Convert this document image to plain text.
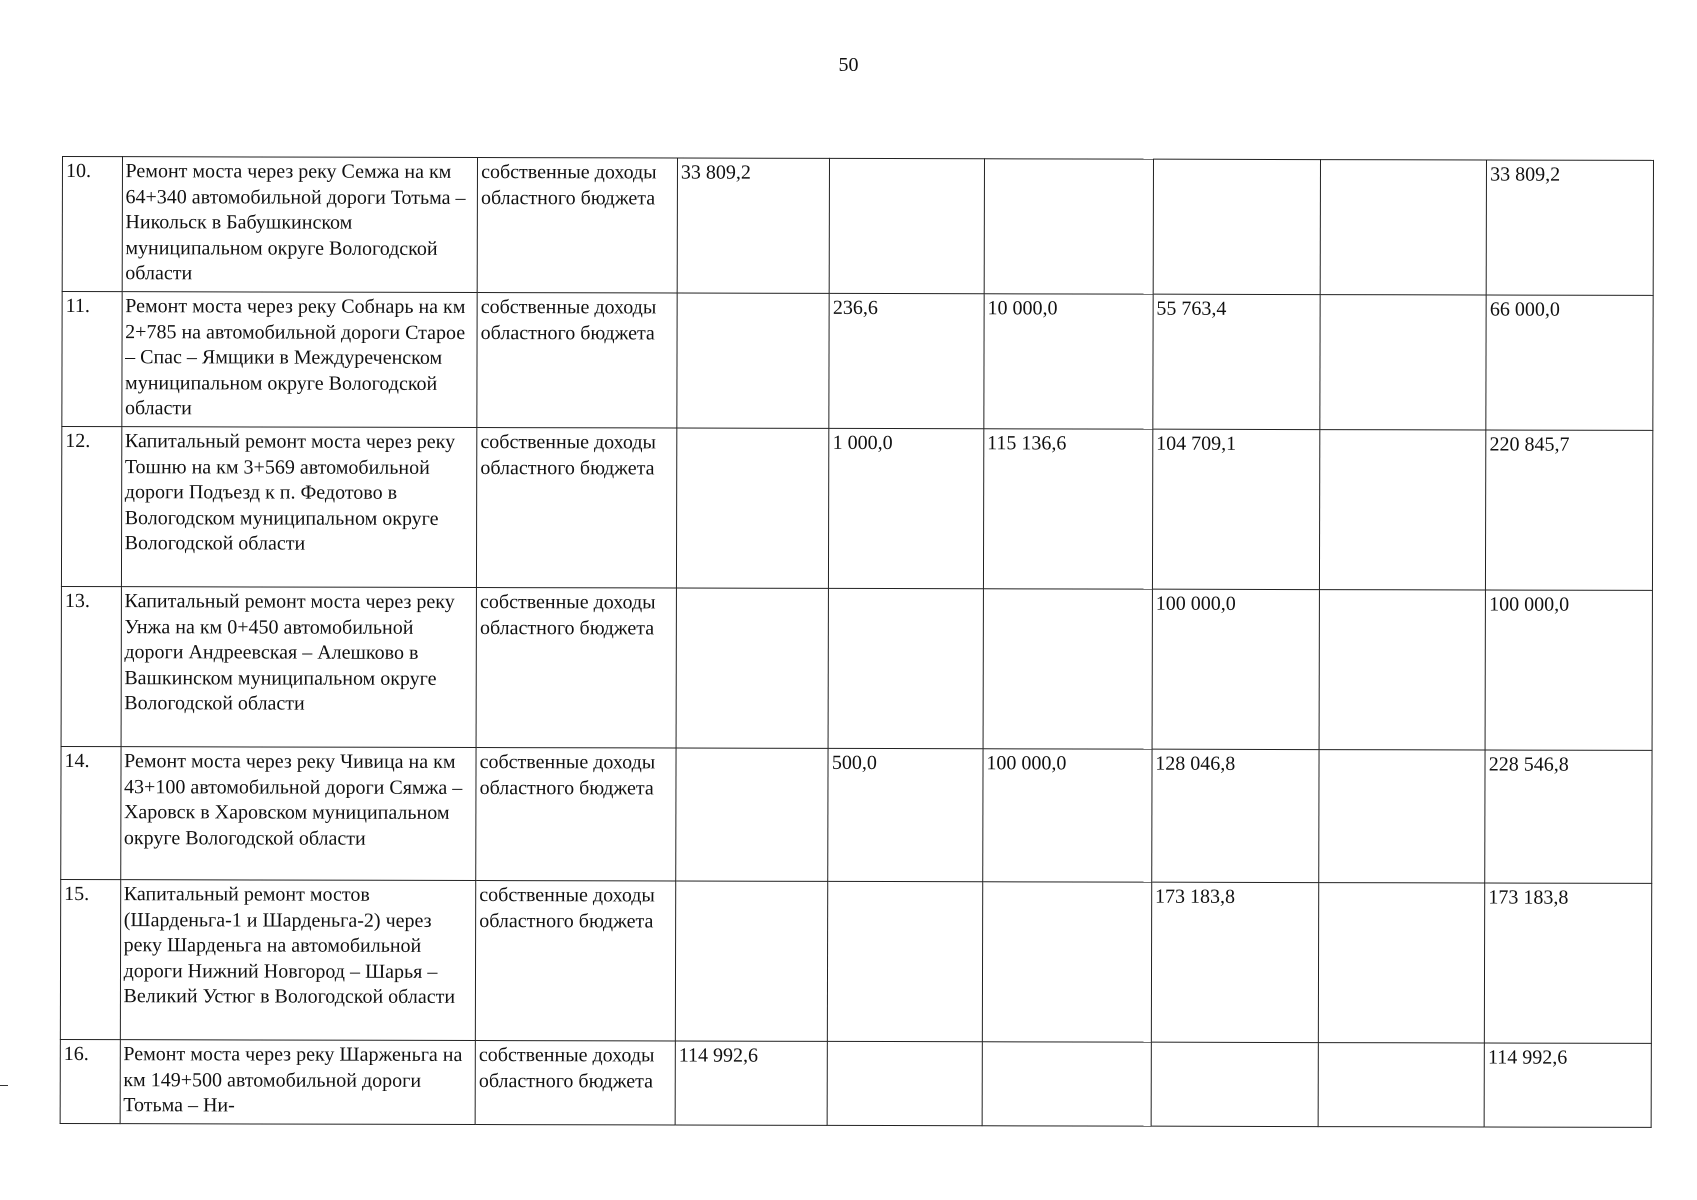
50
10.	Ремонт моста через реку Семжа на км 64+340 автомобильной дороги Тотьма – Никольск в Бабушкинском муниципальном округе Вологодской области	собственные доходы областного бюджета	33 809,2					33 809,2
11.	Ремонт моста через реку Собнарь на км 2+785 на автомобильной дороги Старое – Спас – Ямщики в Междуреченском муниципальном округе Вологодской области	собственные доходы областного бюджета		236,6	10 000,0	55 763,4		66 000,0
12.	Капитальный ремонт моста через реку Тошню на км 3+569 автомобильной дороги Подъезд к п. Федотово в Вологодском муниципальном округе Вологодской области	собственные доходы областного бюджета		1 000,0	115 136,6	104 709,1		220 845,7
13.	Капитальный ремонт моста через реку Унжа на км 0+450 автомобильной дороги Андреевская – Алешково в Вашкинском муниципальном округе Вологодской области	собственные доходы областного бюджета				100 000,0		100 000,0
14.	Ремонт моста через реку Чивица на км 43+100 автомобильной дороги Сямжа – Харовск в Харовском муниципальном округе Вологодской области	собственные доходы областного бюджета		500,0	100 000,0	128 046,8		228 546,8
15.	Капитальный ремонт мостов (Шарденьга-1 и Шарденьга-2) через реку Шарденьга на автомобильной дороги Нижний Новгород – Шарья – Великий Устюг в Вологодской области	собственные доходы областного бюджета				173 183,8		173 183,8
16.	Ремонт моста через реку Шарженьга на км 149+500 автомобильной дороги Тотьма – Ни-	собственные доходы областного бюджета	114 992,6					114 992,6
